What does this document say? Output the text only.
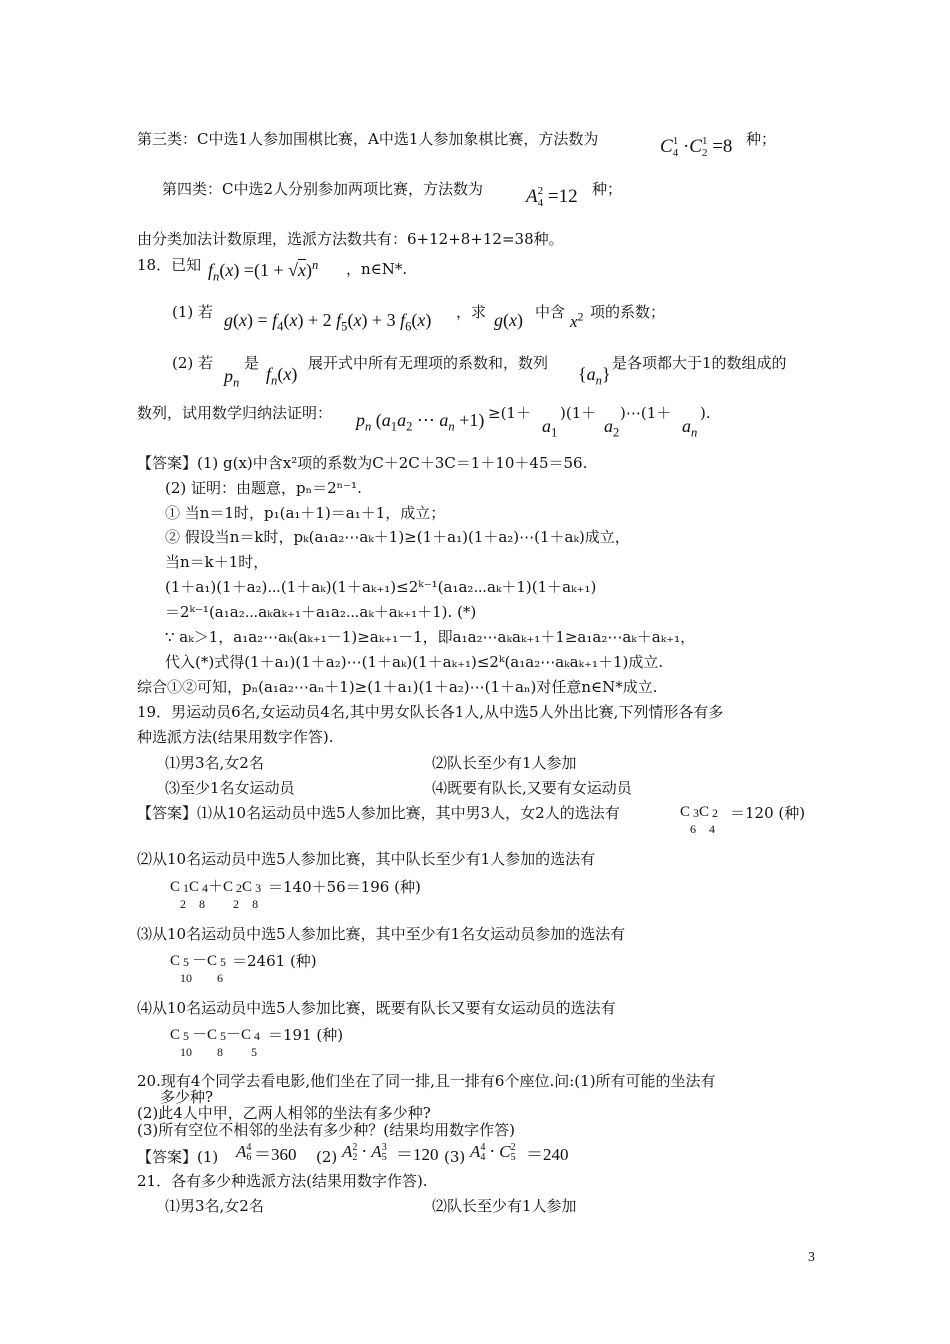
第三类：C中选1人参加围棋比赛，A中选1人参加象棋比赛，方法数为	C1
4 ·C1
2 =8 种；
第四类：C中选2人分别参加两项比赛，方法数为 A2
4 =12 种；
由分类加法计数原理，选派方法数共有：6+12+8+12=38种。
18．已知 $f_n(x) =(1 + √x)^n$ ，n∈N*.
(1) 若 $g(x) = f_4(x) + 2$ $f_5(x) + 3$ $f_6(x)$ ，求 g(x) 中含 $x^2$ 项的系数；
(2) 若
$p_n$
是
$f_n(x)$
展开式中所有无理项的系数和，数列
$\{a_n\}$
是各项都大于1的数组成的
数列，试用数学归纳法证明： $p_n$ ($a_1a_2$ ⋯ $a_n +1) \ge(1+$
$a_1$
)(1＋
$a_2$
)⋯(1＋
$a_n$
).
【答案】(1) g(x)中含x²项的系数为C＋2C＋3C＝1＋10＋45＝56.
(2) 证明：由题意，pₙ＝2ⁿ⁻¹.
① 当n＝1时，p₁(a₁＋1)＝a₁＋1，成立；
② 假设当n＝k时，pₖ(a₁a₂⋯aₖ＋1)≥(1＋a₁)(1＋a₂)⋯(1＋aₖ)成立，
当n＝k＋1时，
(1＋a₁)(1＋a₂)⋯(1＋aₖ)(1＋aₖ₊₁)≤2ᵏ⁻¹(a₁a₂⋯aₖ＋1)(1＋aₖ₊₁)
＝2ᵏ⁻¹(a₁a₂⋯aₖaₖ₊₁＋a₁a₂⋯aₖ＋aₖ₊₁＋1). (*)
∵ aₖ＞1，a₁a₂⋯aₖ(aₖ₊₁－1)≥aₖ₊₁－1，即a₁a₂⋯aₖaₖ₊₁＋1≥a₁a₂⋯aₖ＋aₖ₊₁，
代入(*)式得(1＋a₁)(1＋a₂)⋯(1＋aₖ)(1＋aₖ₊₁)≤2ᵏ(a₁a₂⋯aₖaₖ₊₁＋1)成立.
综合①②可知，pₙ(a₁a₂⋯aₙ＋1)≥(1＋a₁)(1＋a₂)⋯(1＋aₙ)对任意n∈N*成立.
19．男运动员6名,女运动员4名,其中男女队长各1人,从中选5人外出比赛,下列情形各有多
种选派方法(结果用数字作答).
⑴男3名,女2名	⑵队长至少有1人参加
⑶至少1名女运动员	⑷既要有队长,又要有女运动员
【答案】⑴从10名运动员中选5人参加比赛，其中男3人，女2人的选法有	C 3
6C 2
4
＝120 (种)
⑵从10名运动员中选5人参加比赛，其中队长至少有1人参加的选法有
C 1
2C 4
8＋C 2
2C 3
8
＝140＋56＝196 (种)
⑶从10名运动员中选5人参加比赛，其中至少有1名女运动员参加的选法有
C 5
10－C 5
6
＝2461 (种)
⑷从10名运动员中选5人参加比赛，既要有队长又要有女运动员的选法有
C 5
10－C 5
8－C 4
5
＝191 (种)
20.现有4个同学去看电影,他们坐在了同一排,且一排有6个座位.问:(1)所有可能的坐法有
多少种?
(2)此4人中甲，乙两人相邻的坐法有多少种?
(3)所有空位不相邻的坐法有多少种？(结果均用数字作答)
【答案】(1) A4
6 ＝360 (2) A2
2 ⋅ A3
5 ＝120 (3) A4
4 ⋅ C2
5 ＝240
21．各有多少种选派方法(结果用数字作答).
⑴男3名,女2名	⑵队长至少有1人参加
3
